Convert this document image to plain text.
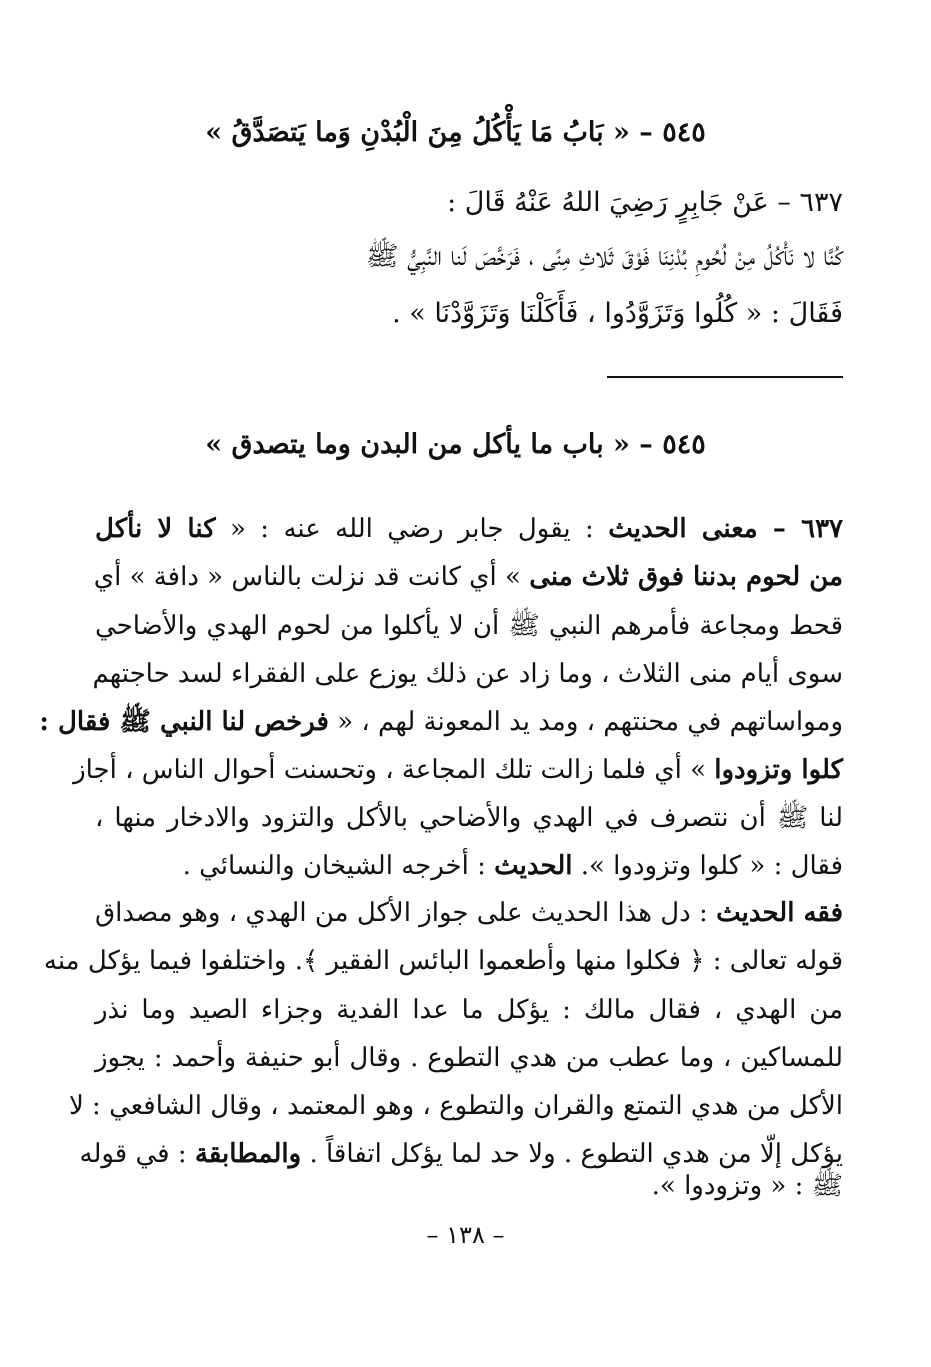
٥٤٥ – « بَابُ مَا يَأْكُلُ مِنَ الْبُدْنِ وَما يَتصَدَّقُ »
٦٣٧ – عَنْ جَابِرٍ رَضِيَ اللهُ عَنْهُ قَالَ :
كُنَّا لا نَأْكُلُ مِنْ لُحُومِ بُدْنِنَا فَوْقَ ثَلاثِ مِنًى ، فَرَخَّصَ لَنا النَّبِيُّ ﷺ
فَقَالَ : « كُلُوا وَتَزَوَّدُوا ، فَأَكَلْنَا وَتَزَوَّدْنَا » .
٥٤٥ – « باب ما يأكل من البدن وما يتصدق »
٦٣٧ – معنى الحديث : يقول جابر رضي الله عنه : « كنا لا نأكل
من لحوم بدننا فوق ثلاث منى » أي كانت قد نزلت بالناس « دافة » أي
قحط ومجاعة فأمرهم النبي ﷺ أن لا يأكلوا من لحوم الهدي والأضاحي
سوى أيام منى الثلاث ، وما زاد عن ذلك يوزع على الفقراء لسد حاجتهم
ومواساتهم في محنتهم ، ومد يد المعونة لهم ، « فرخص لنا النبي ﷺ فقال :
كلوا وتزودوا » أي فلما زالت تلك المجاعة ، وتحسنت أحوال الناس ، أجاز
لنا ﷺ أن نتصرف في الهدي والأضاحي بالأكل والتزود والادخار منها ،
فقال : « كلوا وتزودوا ». الحديث : أخرجه الشيخان والنسائي .
فقه الحديث : دل هذا الحديث على جواز الأكل من الهدي ، وهو مصداق
قوله تعالى : ﴿ فكلوا منها وأطعموا البائس الفقير ﴾. واختلفوا فيما يؤكل منه
من الهدي ، فقال مالك : يؤكل ما عدا الفدية وجزاء الصيد وما نذر
للمساكين ، وما عطب من هدي التطوع . وقال أبو حنيفة وأحمد : يجوز
الأكل من هدي التمتع والقران والتطوع ، وهو المعتمد ، وقال الشافعي : لا
يؤكل إلّا من هدي التطوع . ولا حد لما يؤكل اتفاقاً . والمطابقة : في قوله
ﷺ : « وتزودوا ».
– ١٣٨ –
